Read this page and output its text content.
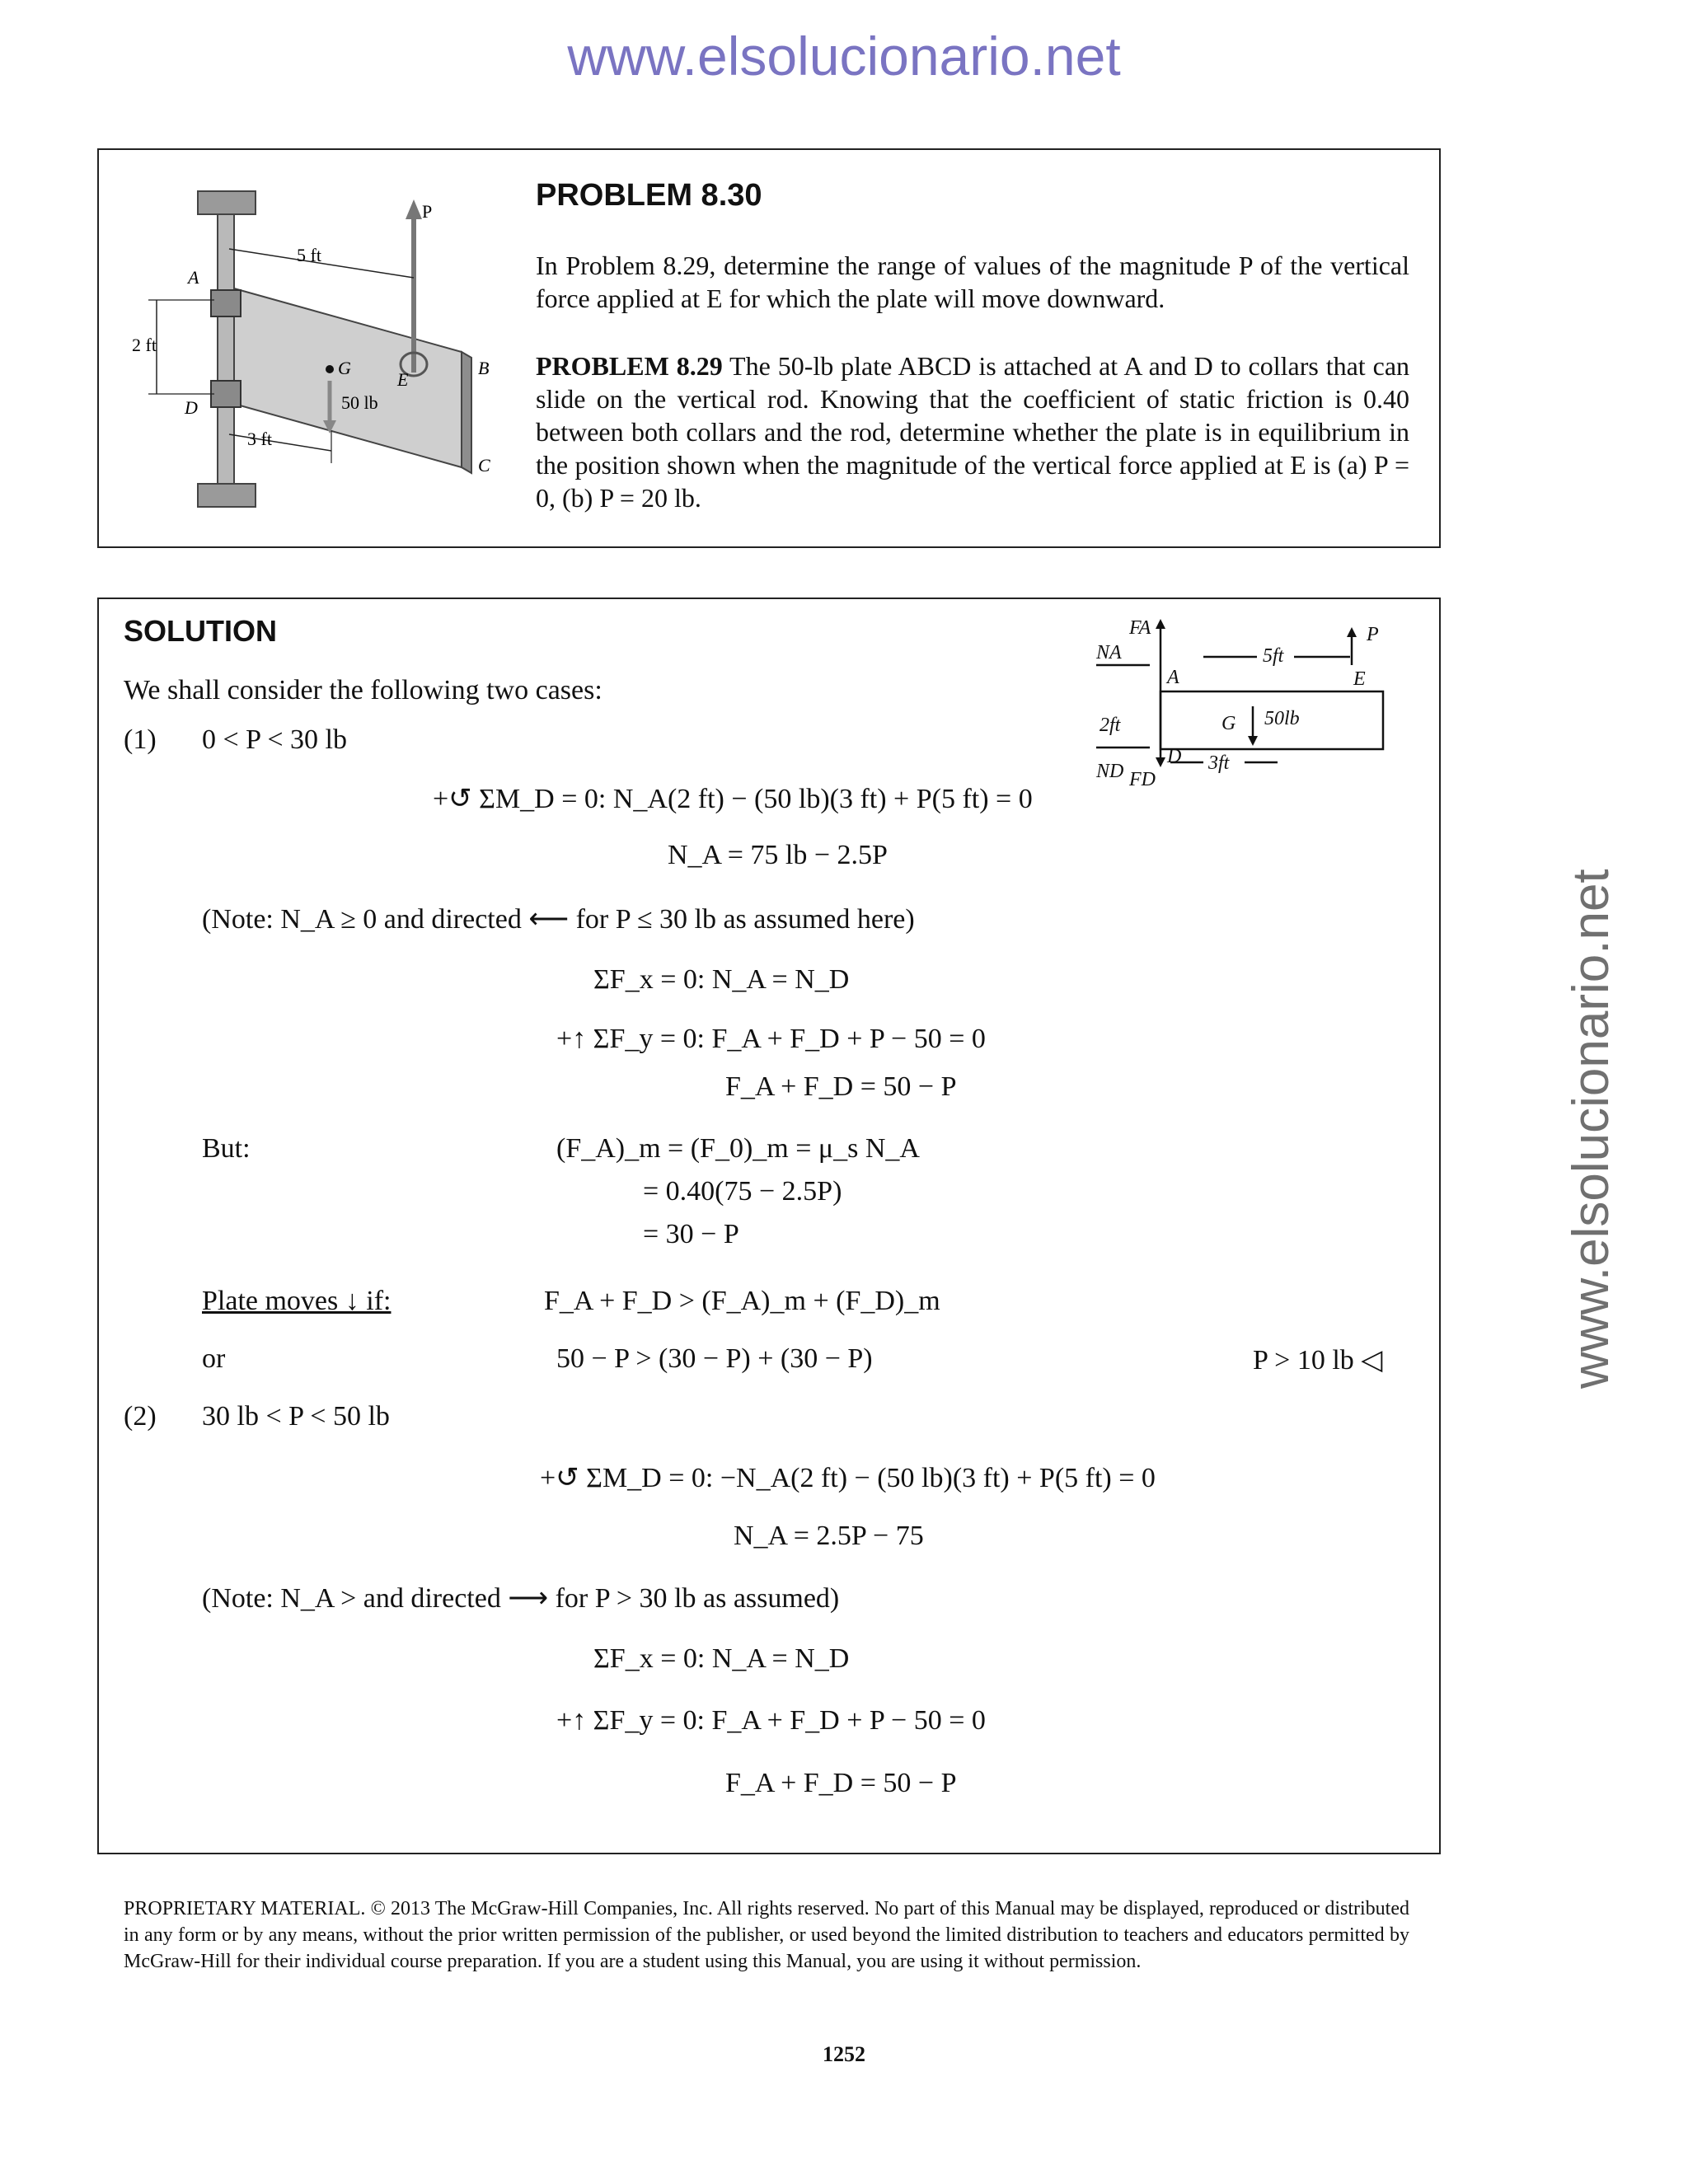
www.elsolucionario.net
www.elsolucionario.net
P
A
D
B
C
E
G
5 ft
2 ft
3 ft
50 lb
PROBLEM 8.30
In Problem 8.29, determine the range of values of the magnitude P of the vertical force applied at E for which the plate will move downward.
PROBLEM 8.29 The 50-lb plate ABCD is attached at A and D to collars that can slide on the vertical rod. Knowing that the coefficient of static friction is 0.40 between both collars and the rod, determine whether the plate is in equilibrium in the position shown when the magnitude of the vertical force applied at E is (a) P = 0, (b) P = 20 lb.
SOLUTION
NA
FA
5ft
P
A	E
2ft	G 50lb
D
ND FD
3ft
We shall consider the following two cases:
(1) 0 < P < 30 lb
+↺ ΣM_D = 0: N_A(2 ft) − (50 lb)(3 ft) + P(5 ft) = 0
N_A = 75 lb − 2.5P
(Note: N_A ≥ 0 and directed ⟵ for P ≤ 30 lb as assumed here)
ΣF_x = 0: N_A = N_D
+↑ ΣF_y = 0: F_A + F_D + P − 50 = 0
F_A + F_D = 50 − P
But:	(F_A)_m = (F_0)_m = μ_s N_A
= 0.40(75 − 2.5P)
= 30 − P
Plate moves ↓ if:	F_A + F_D > (F_A)_m + (F_D)_m
or	50 − P > (30 − P) + (30 − P)	P > 10 lb ◁
(2) 30 lb < P < 50 lb
+↺ ΣM_D = 0: −N_A(2 ft) − (50 lb)(3 ft) + P(5 ft) = 0
N_A = 2.5P − 75
(Note: N_A > and directed ⟶ for P > 30 lb as assumed)
ΣF_x = 0: N_A = N_D
+↑ ΣF_y = 0: F_A + F_D + P − 50 = 0
F_A + F_D = 50 − P
PROPRIETARY MATERIAL. © 2013 The McGraw-Hill Companies, Inc. All rights reserved. No part of this Manual may be displayed, reproduced or distributed in any form or by any means, without the prior written permission of the publisher, or used beyond the limited distribution to teachers and educators permitted by McGraw-Hill for their individual course preparation. If you are a student using this Manual, you are using it without permission.
1252
